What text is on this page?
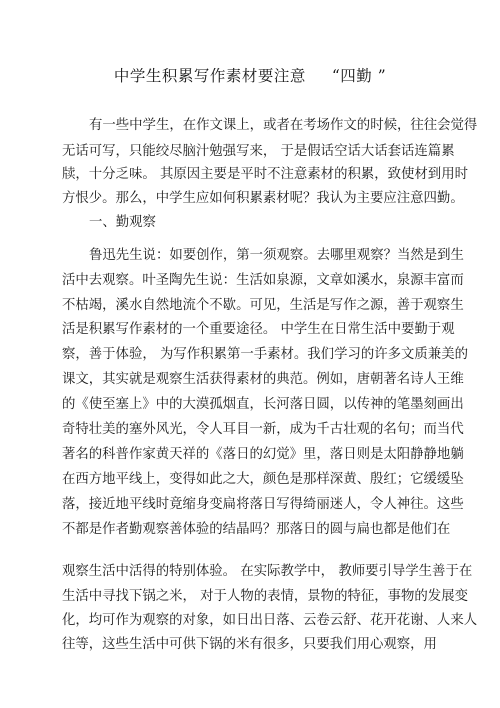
中学生积累写作素材要注意 “四勤 ”
有一些中学生，在作文课上，或者在考场作文的时候，往往会觉得
无话可写，只能绞尽脑汁勉强写来， 于是假话空话大话套话连篇累
牍，十分乏味。 其原因主要是平时不注意素材的积累，致使材到用时
方恨少。那么，中学生应如何积累素材呢？我认为主要应注意四勤。
一、勤观察
鲁迅先生说：如要创作，第一须观察。去哪里观察？当然是到生
活中去观察。叶圣陶先生说：生活如泉源，文章如溪水，泉源丰富而
不枯竭，溪水自然地流个不歇。可见，生活是写作之源，善于观察生
活是积累写作素材的一个重要途径。 中学生在日常生活中要勤于观
察，善于体验， 为写作积累第一手素材。我们学习的许多文质兼美的
课文，其实就是观察生活获得素材的典范。例如，唐朝著名诗人王维
的《使至塞上》中的大漠孤烟直，长河落日圆，以传神的笔墨刻画出
奇特壮美的塞外风光，令人耳目一新，成为千古壮观的名句；而当代
著名的科普作家黄天祥的《落日的幻觉》里，落日则是太阳静静地躺
在西方地平线上，变得如此之大，颜色是那样深黄、殷红；它缓缓坠
落，接近地平线时竟缩身变扁将落日写得绮丽迷人，令人神往。这些
不都是作者勤观察善体验的结晶吗？那落日的圆与扁也都是他们在
观察生活中活得的特别体验。 在实际教学中， 教师要引导学生善于在
生活中寻找下锅之米， 对于人物的表情，景物的特征，事物的发展变
化，均可作为观察的对象，如日出日落、云卷云舒、花开花谢、人来人
往等，这些生活中可供下锅的米有很多，只要我们用心观察，用
